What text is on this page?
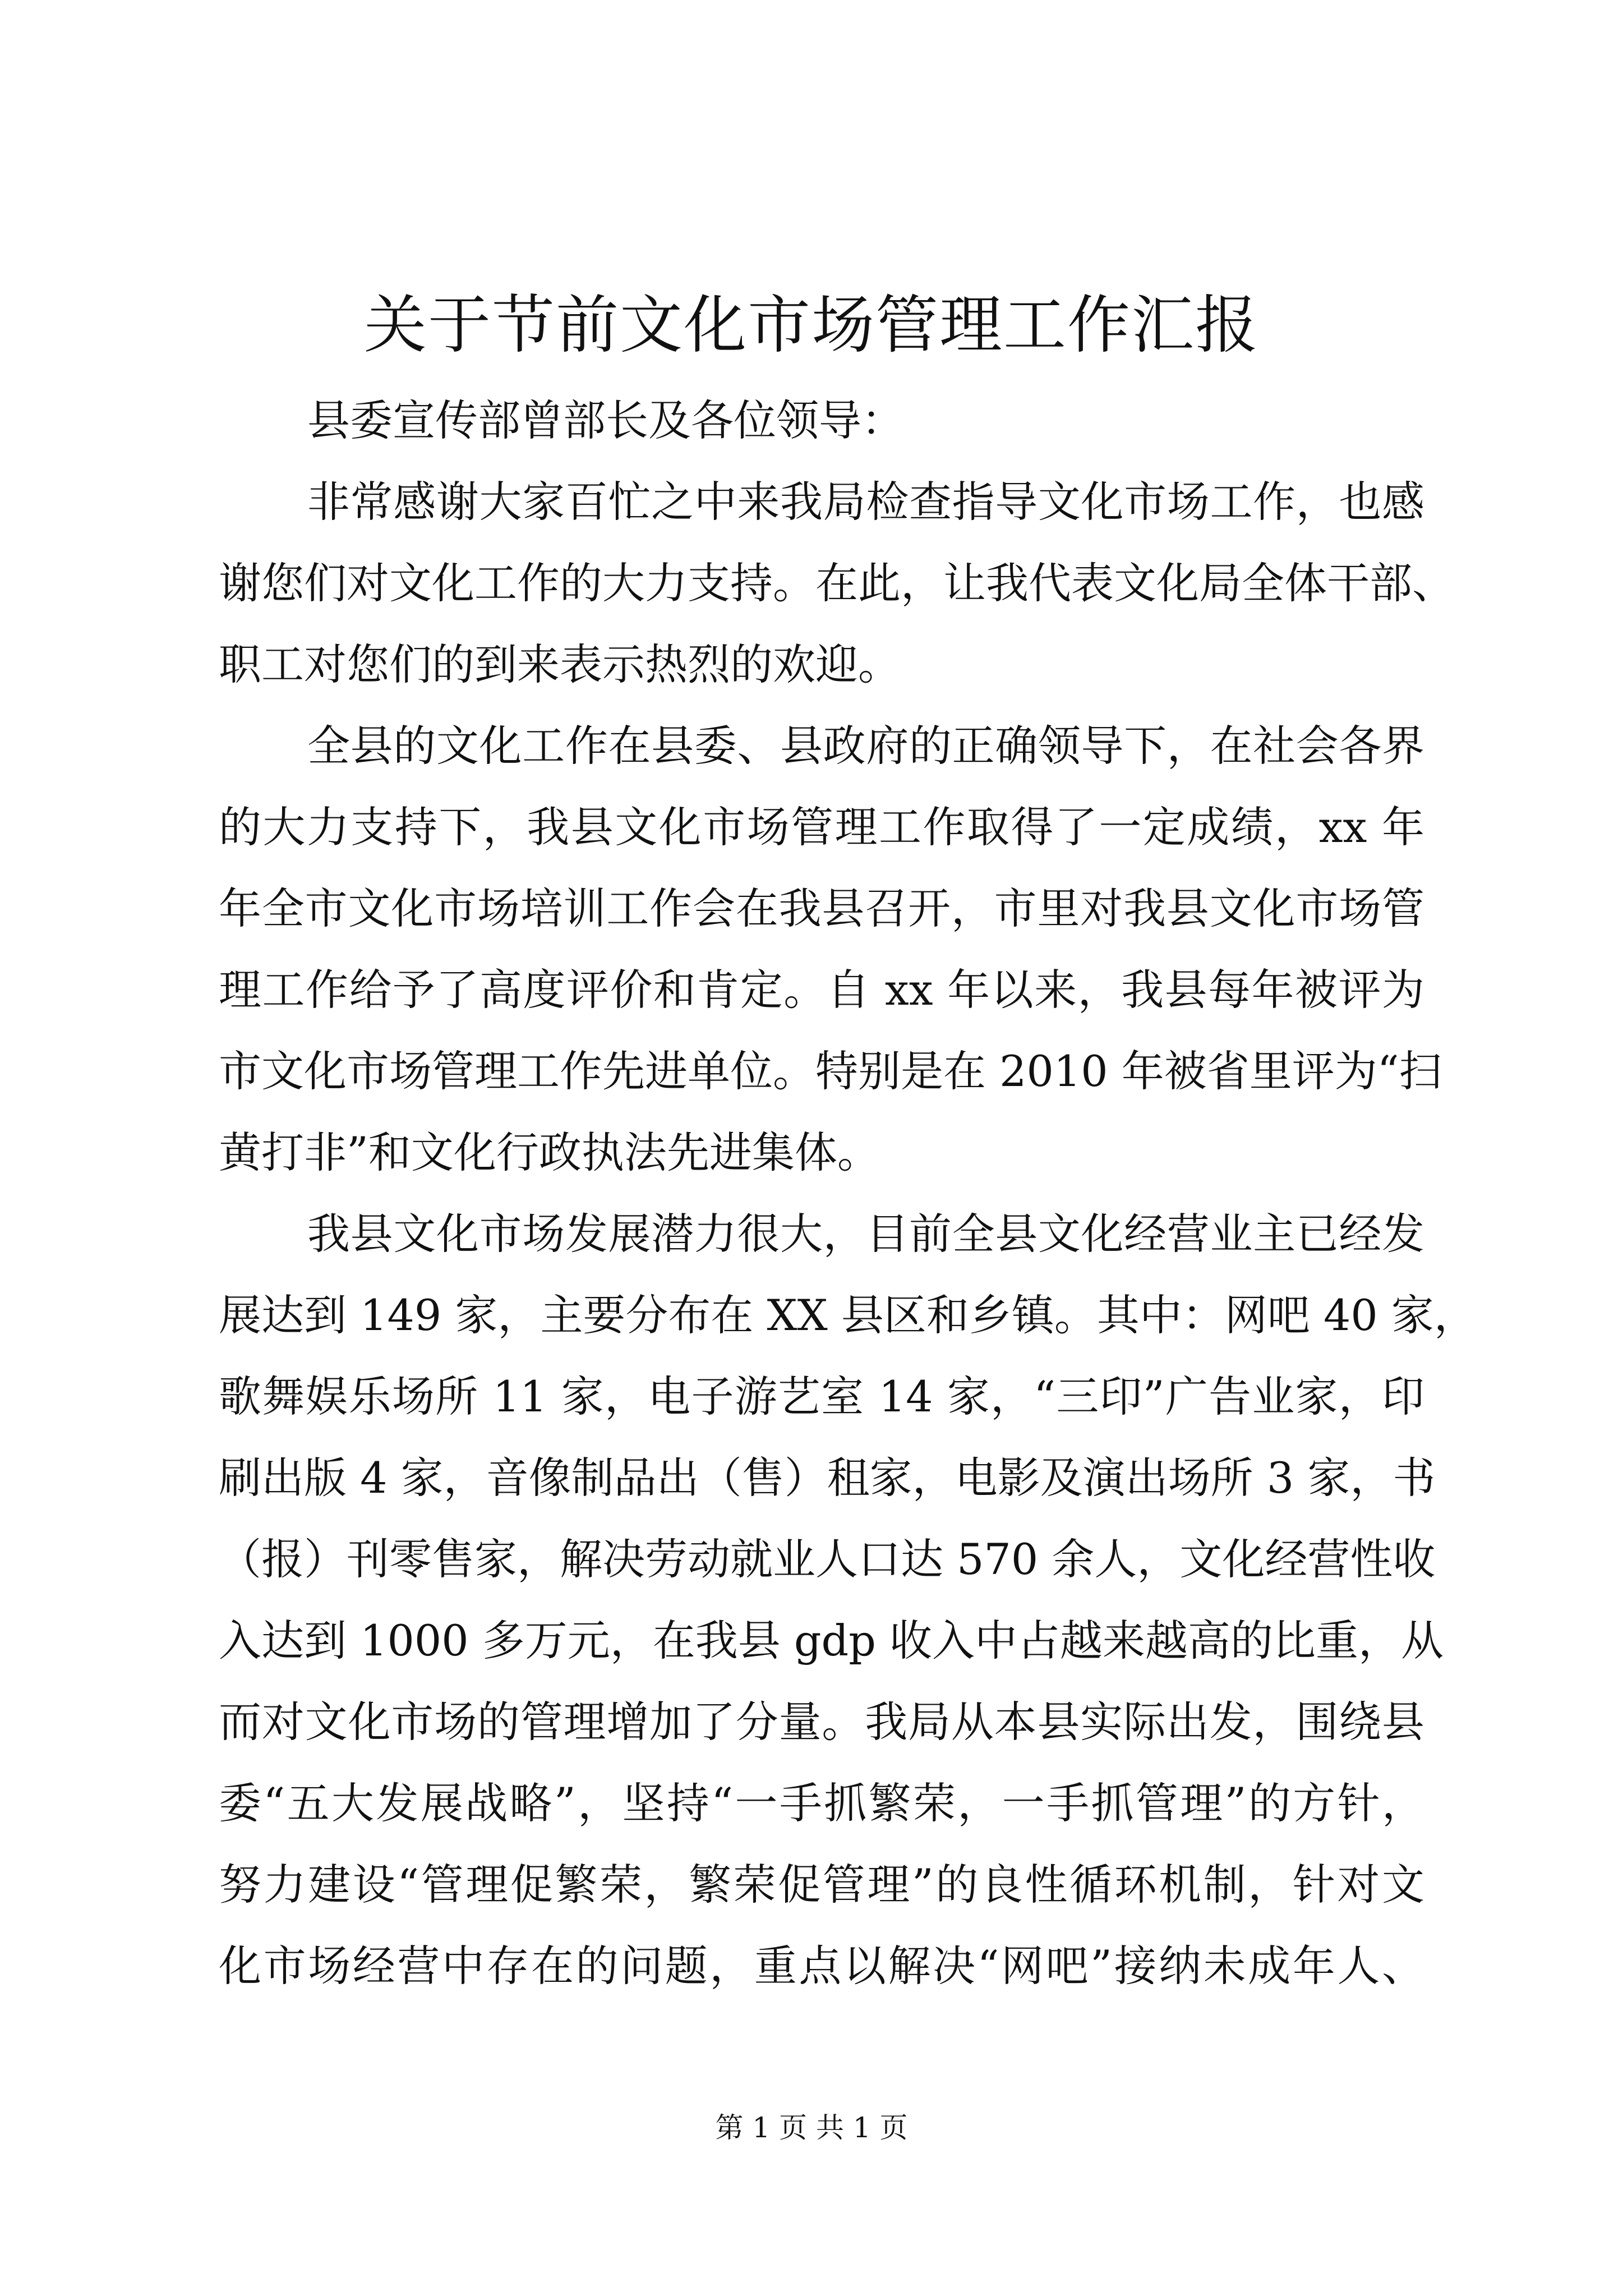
关于节前文化市场管理工作汇报
县委宣传部曾部长及各位领导：
非常感谢大家百忙之中来我局检查指导文化市场工作，也感
谢您们对文化工作的大力支持。在此，让我代表文化局全体干部、
职工对您们的到来表示热烈的欢迎。
全县的文化工作在县委、县政府的正确领导下，在社会各界
的大力支持下，我县文化市场管理工作取得了一定成绩，xx 年
年全市文化市场培训工作会在我县召开，市里对我县文化市场管
理工作给予了高度评价和肯定。自 xx 年以来，我县每年被评为
市文化市场管理工作先进单位。特别是在 2010 年被省里评为“扫
黄打非”和文化行政执法先进集体。
我县文化市场发展潜力很大，目前全县文化经营业主已经发
展达到 149 家，主要分布在 XX 县区和乡镇。其中：网吧 40 家，
歌舞娱乐场所 11 家，电子游艺室 14 家，“三印”广告业家，印
刷出版 4 家，音像制品出（售）租家，电影及演出场所 3 家，书
（报）刊零售家，解决劳动就业人口达 570 余人，文化经营性收
入达到 1000 多万元，在我县 gdp 收入中占越来越高的比重，从
而对文化市场的管理增加了分量。我局从本县实际出发，围绕县
委“五大发展战略”，坚持“一手抓繁荣，一手抓管理”的方针，
努力建设“管理促繁荣，繁荣促管理”的良性循环机制，针对文
化市场经营中存在的问题，重点以解决“网吧”接纳未成年人、
第 1 页 共 1 页
